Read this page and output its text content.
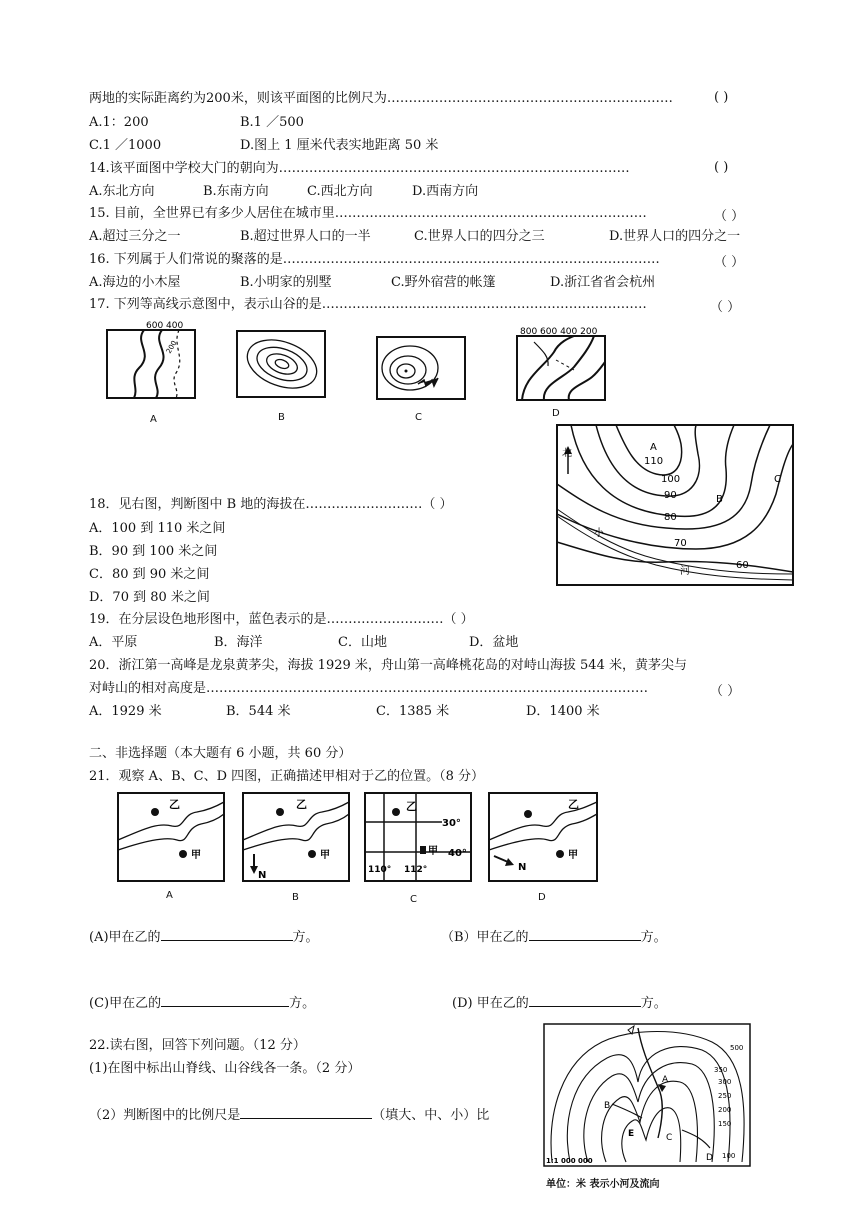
两地的实际距离约为200米，则该平面图的比例尺为…………………………………………………………	( )
A.1：200	B.1 ／500
C.1 ／1000	D.图上 1 厘米代表实地距离 50 米
14.该平面图中学校大门的朝向为………………………………………………………………………	( )
A.东北方向	B.东南方向	C.西北方向	D.西南方向
15. 目前，全世界已有多少人居住在城市里………………………………………………………………	（ ）
A.超过三分之一	B.超过世界人口的一半	C.世界人口的四分之三	D.世界人口的四分之一
16. 下列属于人们常说的聚落的是……………………………………………………………………………	（ ）
A.海边的小木屋	B.小明家的别墅	C.野外宿营的帐篷	D.浙江省省会杭州
17. 下列等高线示意图中，表示山谷的是…………………………………………………………………	（ ）
600 400
200
A	B	C
800 600 400 200
D
北
A
110
100
B
C
90
80
70
60
小
河
18．见右图，判断图中 B 地的海拔在………………………（ ）
A．100 到 110 米之间
B．90 到 100 米之间
C．80 到 90 米之间
D．70 到 80 米之间
19．在分层设色地形图中，蓝色表示的是………………………（ ）
A．平原	B．海洋	C．山地	D．盆地
20．浙江第一高峰是龙泉黄茅尖，海拔 1929 米，舟山第一高峰桃花岛的对峙山海拔 544 米，黄茅尖与
对峙山的相对高度是…………………………………………………………………………………………	（ ）
A．1929 米	B．544 米	C．1385 米	D．1400 米
二、非选择题（本大题有 6 小题，共 60 分）
21．观察 A、B、C、D 四图，正确描述甲相对于乙的位置。（8 分）
乙
甲
A
乙
甲
N
B
乙
甲
30°
40°
110° 112°
C
乙
甲
N
D
(A)甲在乙的	方。	（B）甲在乙的	方。
(C)甲在乙的	方。	(D) 甲在乙的	方。
22.读右图，回答下列问题。（12 分）
(1)在图中标出山脊线、山谷线各一条。（2 分）
（2）判断图中的比例尺是	（填大、中、小）比
A
B
C
D
E
500
350
300
250
200
150
100
1:1 000 000
单位：米 表示小河及流向
